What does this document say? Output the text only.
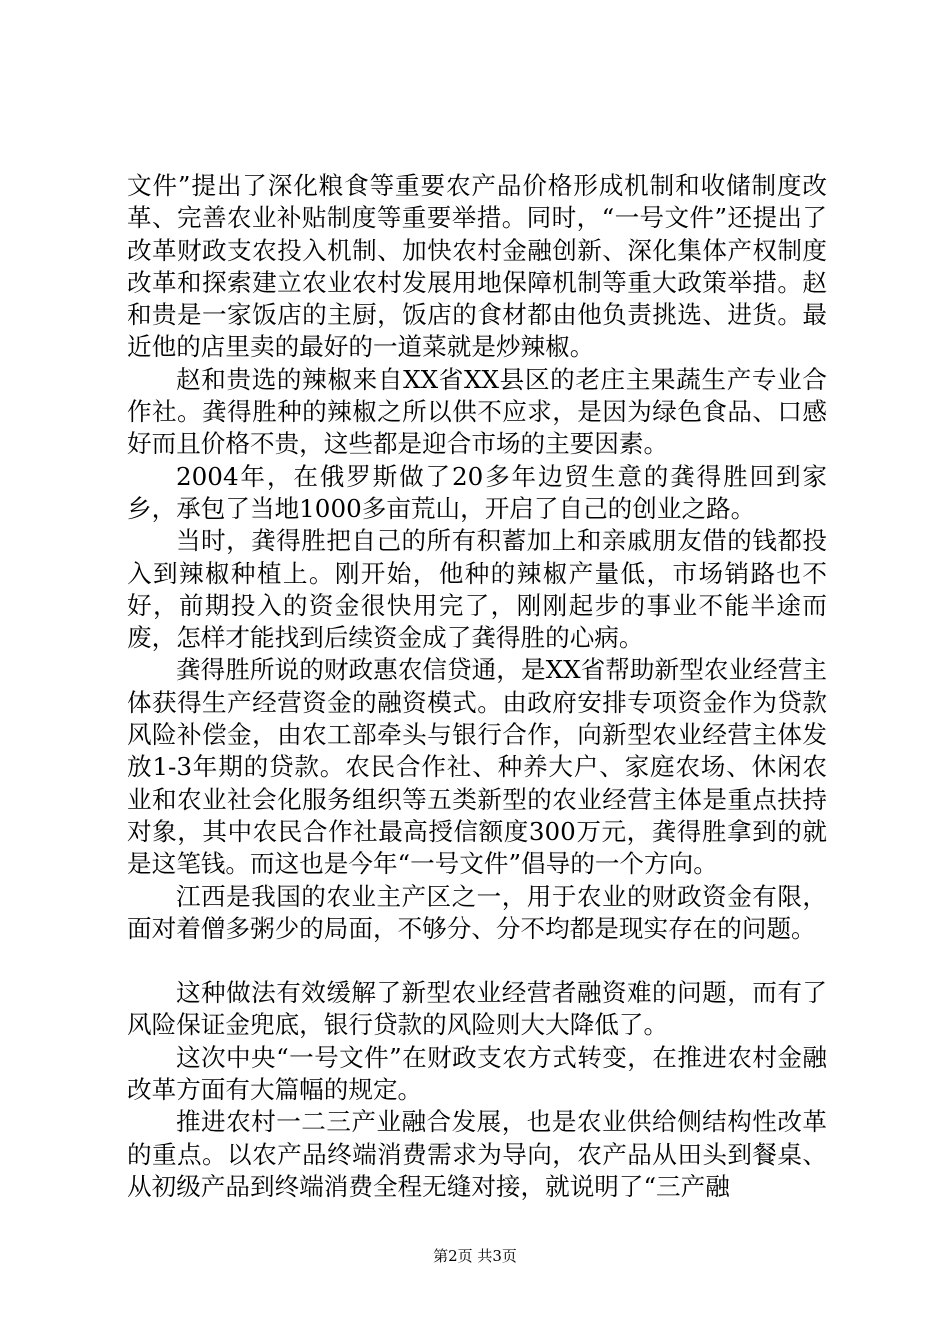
文件”提出了深化粮食等重要农产品价格形成机制和收储制度改革、完善农业补贴制度等重要举措。同时，“一号文件”还提出了改革财政支农投入机制、加快农村金融创新、深化集体产权制度改革和探索建立农业农村发展用地保障机制等重大政策举措。赵和贵是一家饭店的主厨，饭店的食材都由他负责挑选、进货。最近他的店里卖的最好的一道菜就是炒辣椒。

赵和贵选的辣椒来自XX省XX县区的老庄主果蔬生产专业合作社。龚得胜种的辣椒之所以供不应求，是因为绿色食品、口感好而且价格不贵，这些都是迎合市场的主要因素。

2004年，在俄罗斯做了20多年边贸生意的龚得胜回到家乡，承包了当地1000多亩荒山，开启了自己的创业之路。

当时，龚得胜把自己的所有积蓄加上和亲戚朋友借的钱都投入到辣椒种植上。刚开始，他种的辣椒产量低，市场销路也不好，前期投入的资金很快用完了，刚刚起步的事业不能半途而废，怎样才能找到后续资金成了龚得胜的心病。

龚得胜所说的财政惠农信贷通，是XX省帮助新型农业经营主体获得生产经营资金的融资模式。由政府安排专项资金作为贷款风险补偿金，由农工部牵头与银行合作，向新型农业经营主体发放1-3年期的贷款。农民合作社、种养大户、家庭农场、休闲农业和农业社会化服务组织等五类新型的农业经营主体是重点扶持对象，其中农民合作社最高授信额度300万元，龚得胜拿到的就是这笔钱。而这也是今年“一号文件”倡导的一个方向。

江西是我国的农业主产区之一，用于农业的财政资金有限，面对着僧多粥少的局面，不够分、分不均都是现实存在的问题。

这种做法有效缓解了新型农业经营者融资难的问题，而有了风险保证金兜底，银行贷款的风险则大大降低了。

这次中央“一号文件”在财政支农方式转变，在推进农村金融改革方面有大篇幅的规定。

推进农村一二三产业融合发展，也是农业供给侧结构性改革的重点。以农产品终端消费需求为导向，农产品从田头到餐桌、从初级产品到终端消费全程无缝对接，就说明了“三产融

第2页 共3页
